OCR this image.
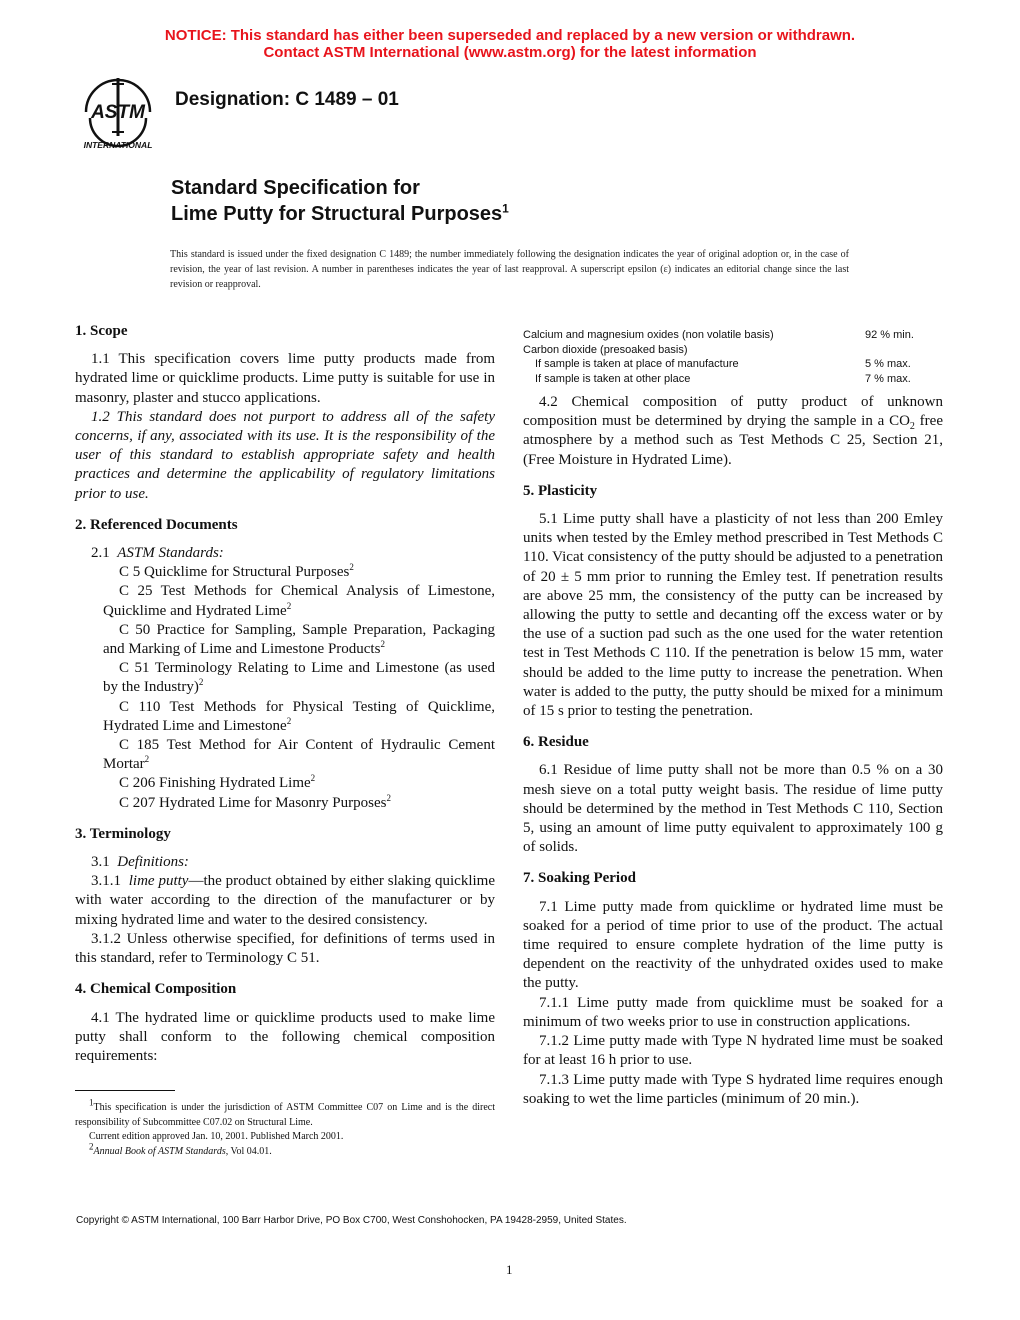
NOTICE: This standard has either been superseded and replaced by a new version or withdrawn.
Contact ASTM International (www.astm.org) for the latest information
ASTM
INTERNATIONAL
Designation: C 1489 – 01
Standard Specification for
Lime Putty for Structural Purposes$^1$
This standard is issued under the fixed designation C 1489; the number immediately following the designation indicates the year of original adoption or, in the case of revision, the year of last revision. A number in parentheses indicates the year of last reapproval. A superscript epsilon (ε) indicates an editorial change since the last revision or reapproval.
1. Scope

1.1 This specification covers lime putty products made from hydrated lime or quicklime products. Lime putty is suitable for use in masonry, plaster and stucco applications.

1.2 This standard does not purport to address all of the safety concerns, if any, associated with its use. It is the responsibility of the user of this standard to establish appropriate safety and health practices and determine the applicability of regulatory limitations prior to use.

2. Referenced Documents

2.1 ASTM Standards:

C 5 Quicklime for Structural Purposes$^2$

C 25 Test Methods for Chemical Analysis of Limestone, Quicklime and Hydrated Lime$^2$

C 50 Practice for Sampling, Sample Preparation, Packaging and Marking of Lime and Limestone Products$^2$

C 51 Terminology Relating to Lime and Limestone (as used by the Industry)$^2$

C 110 Test Methods for Physical Testing of Quicklime, Hydrated Lime and Limestone$^2$

C 185 Test Method for Air Content of Hydraulic Cement Mortar$^2$

C 206 Finishing Hydrated Lime$^2$

C 207 Hydrated Lime for Masonry Purposes$^2$

3. Terminology

3.1 Definitions:

3.1.1 lime putty—the product obtained by either slaking quicklime with water according to the direction of the manufacturer or by mixing hydrated lime and water to the desired consistency.

3.1.2 Unless otherwise specified, for definitions of terms used in this standard, refer to Terminology C 51.

4. Chemical Composition

4.1 The hydrated lime or quicklime products used to make lime putty shall conform to the following chemical composition requirements:

$^1$This specification is under the jurisdiction of ASTM Committee C07 on Lime and is the direct responsibility of Subcommittee C07.02 on Structural Lime.

Current edition approved Jan. 10, 2001. Published March 2001.

$^2$Annual Book of ASTM Standards, Vol 04.01.

Calcium and magnesium oxides (non volatile basis)	92 % min.
Carbon dioxide (presoaked basis)	
If sample is taken at place of manufacture	5 % max.
If sample is taken at other place	7 % max.

4.2 Chemical composition of putty product of unknown composition must be determined by drying the sample in a $CO_2$ free atmosphere by a method such as Test Methods C 25, Section 21, (Free Moisture in Hydrated Lime).

5. Plasticity

5.1 Lime putty shall have a plasticity of not less than 200 Emley units when tested by the Emley method prescribed in Test Methods C 110. Vicat consistency of the putty should be adjusted to a penetration of 20 ± 5 mm prior to running the Emley test. If penetration results are above 25 mm, the consistency of the putty can be increased by allowing the putty to settle and decanting off the excess water or by the use of a suction pad such as the one used for the water retention test in Test Methods C 110. If the penetration is below 15 mm, water should be added to the lime putty to increase the penetration. When water is added to the putty, the putty should be mixed for a minimum of 15 s prior to testing the penetration.

6. Residue

6.1 Residue of lime putty shall not be more than 0.5 % on a 30 mesh sieve on a total putty weight basis. The residue of lime putty should be determined by the method in Test Methods C 110, Section 5, using an amount of lime putty equivalent to approximately 100 g of solids.

7. Soaking Period

7.1 Lime putty made from quicklime or hydrated lime must be soaked for a period of time prior to use of the product. The actual time required to ensure complete hydration of the lime putty is dependent on the reactivity of the unhydrated oxides used to make the putty.

7.1.1 Lime putty made from quicklime must be soaked for a minimum of two weeks prior to use in construction applications.

7.1.2 Lime putty made with Type N hydrated lime must be soaked for at least 16 h prior to use.

7.1.3 Lime putty made with Type S hydrated lime requires enough soaking to wet the lime particles (minimum of 20 min.).

Copyright © ASTM International, 100 Barr Harbor Drive, PO Box C700, West Conshohocken, PA 19428-2959, United States.
1
